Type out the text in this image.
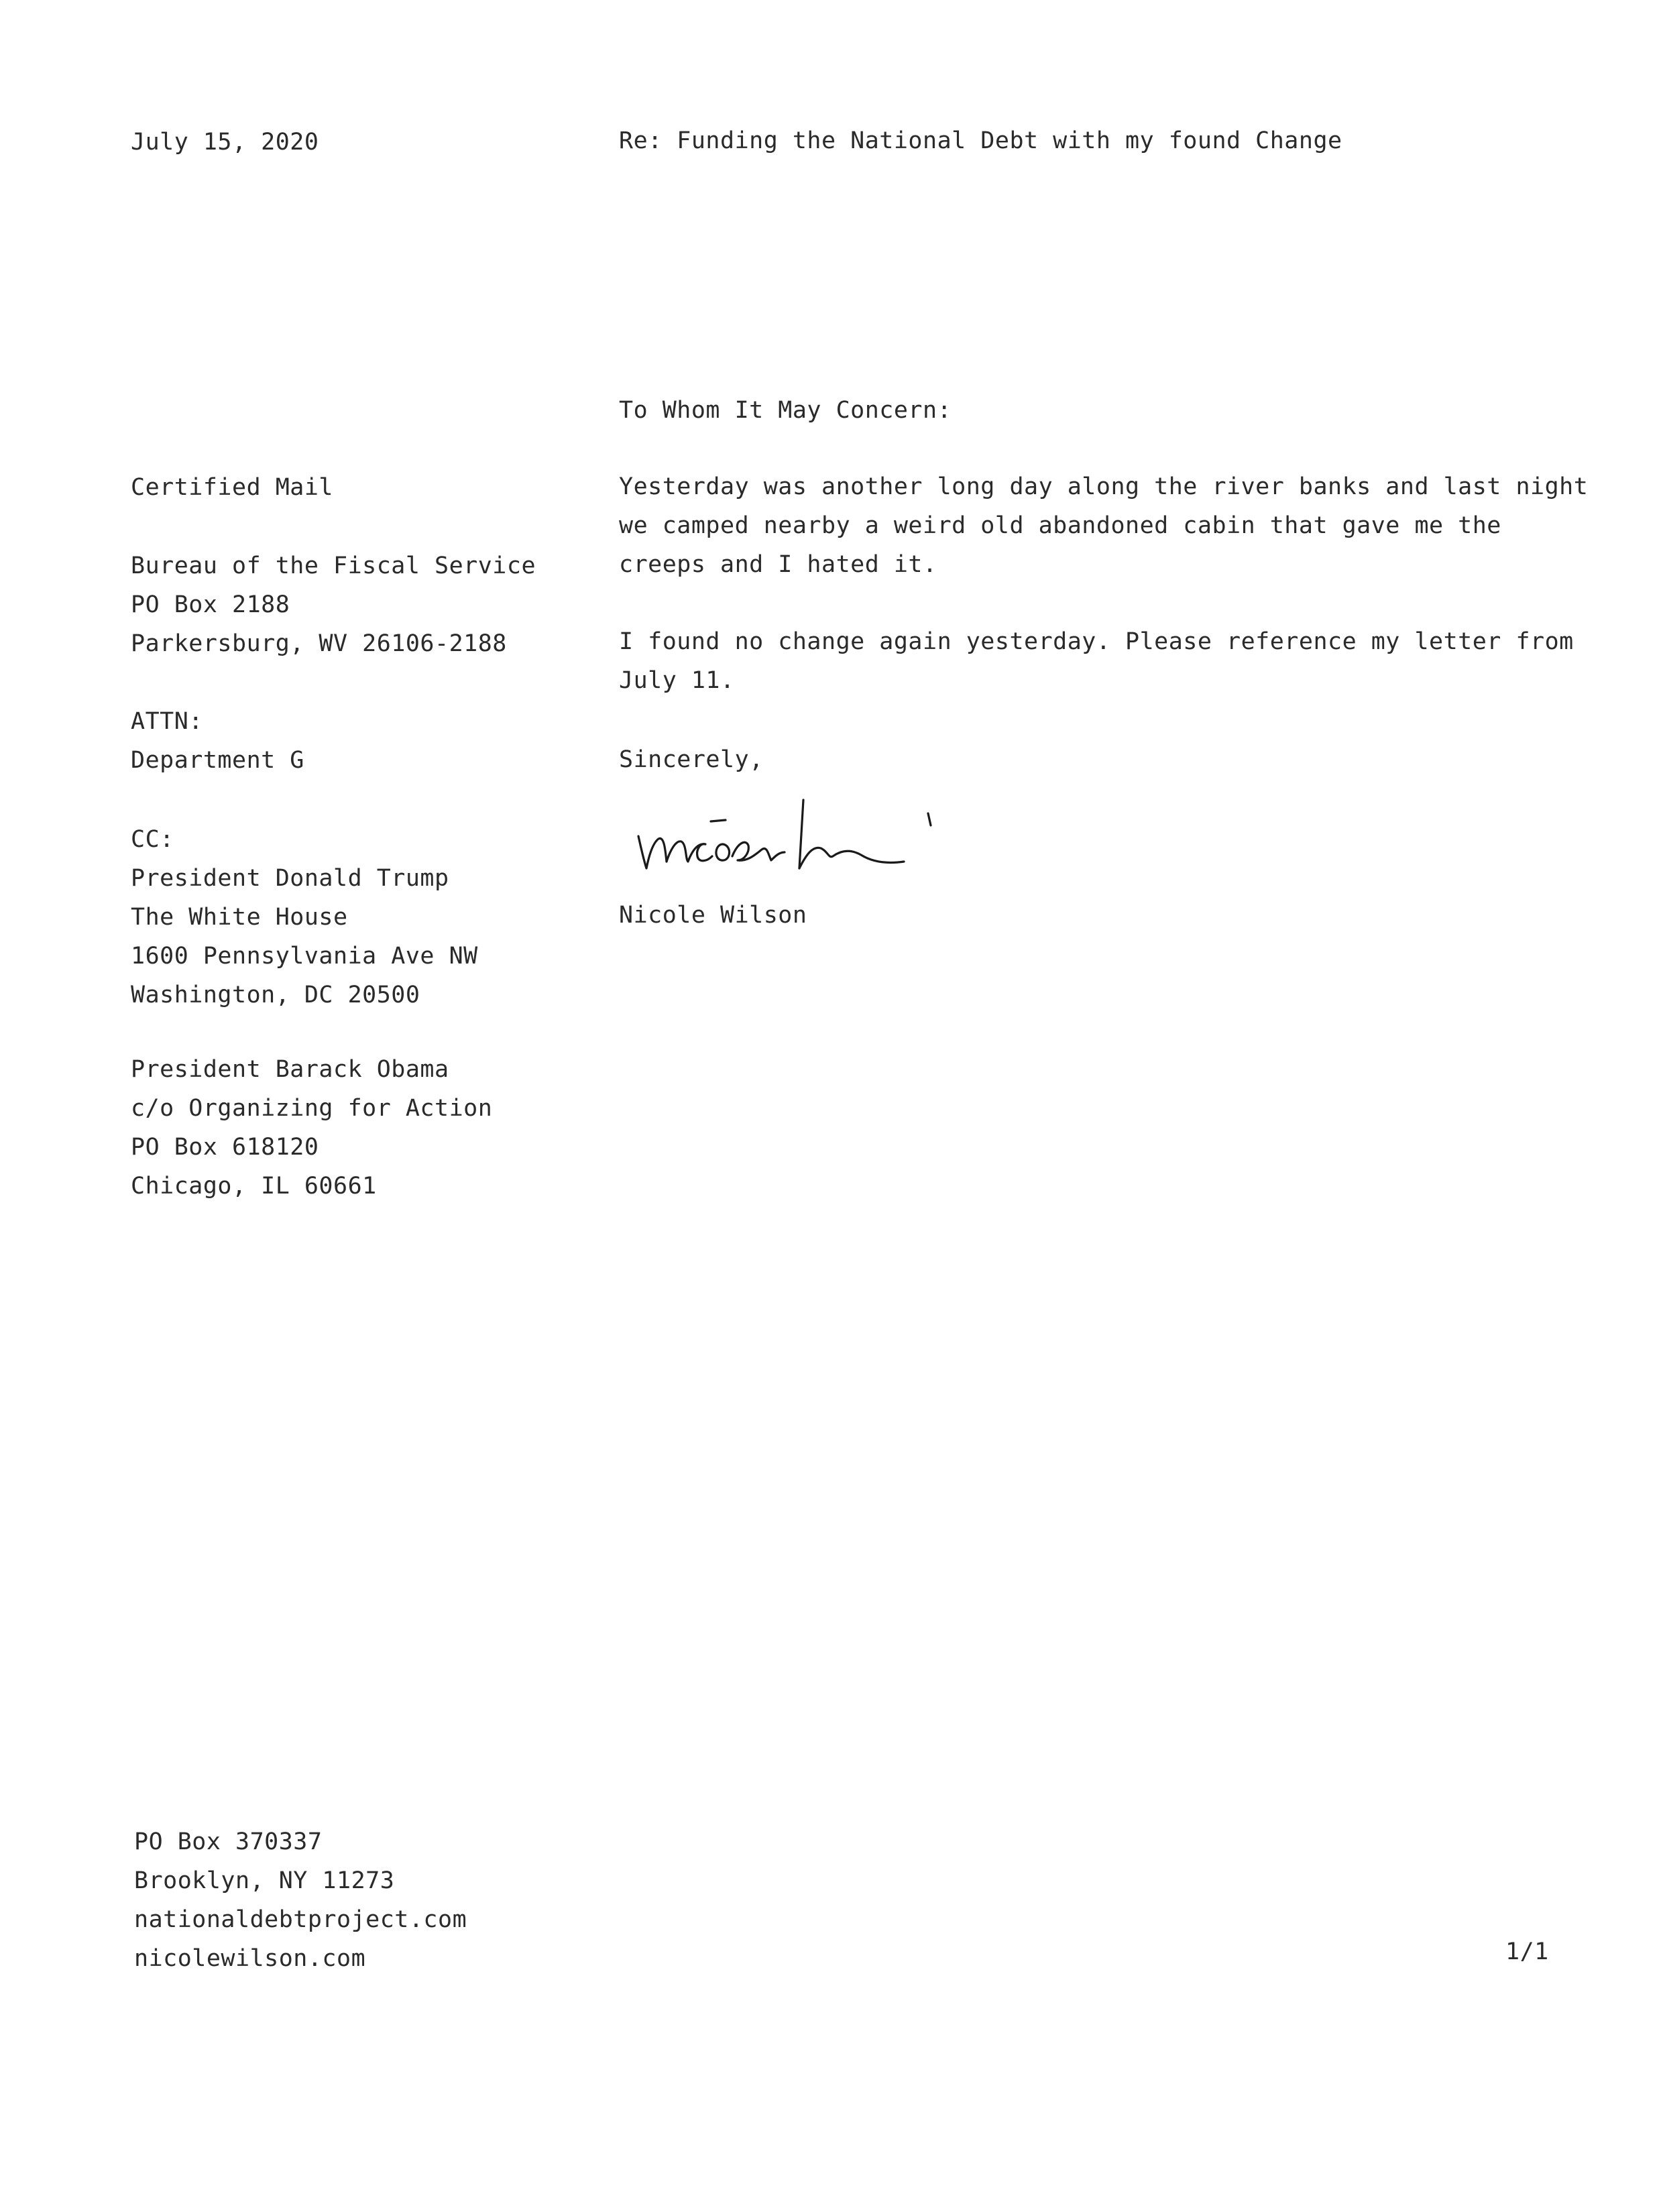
July 15, 2020	Re: Funding the National Debt with my found Change
Certified Mail
Bureau of the Fiscal Service
PO Box 2188
Parkersburg, WV 26106-2188
ATTN:
Department G
CC:
President Donald Trump
The White House
1600 Pennsylvania Ave NW
Washington, DC 20500
President Barack Obama
c/o Organizing for Action
PO Box 618120
Chicago, IL 60661
To Whom It May Concern:
Yesterday was another long day along the river banks and last night
we camped nearby a weird old abandoned cabin that gave me the
creeps and I hated it.
I found no change again yesterday. Please reference my letter from
July 11.
Sincerely,
Nicole Wilson
PO Box 370337
Brooklyn, NY 11273
nationaldebtproject.com
nicolewilson.com	1/1
